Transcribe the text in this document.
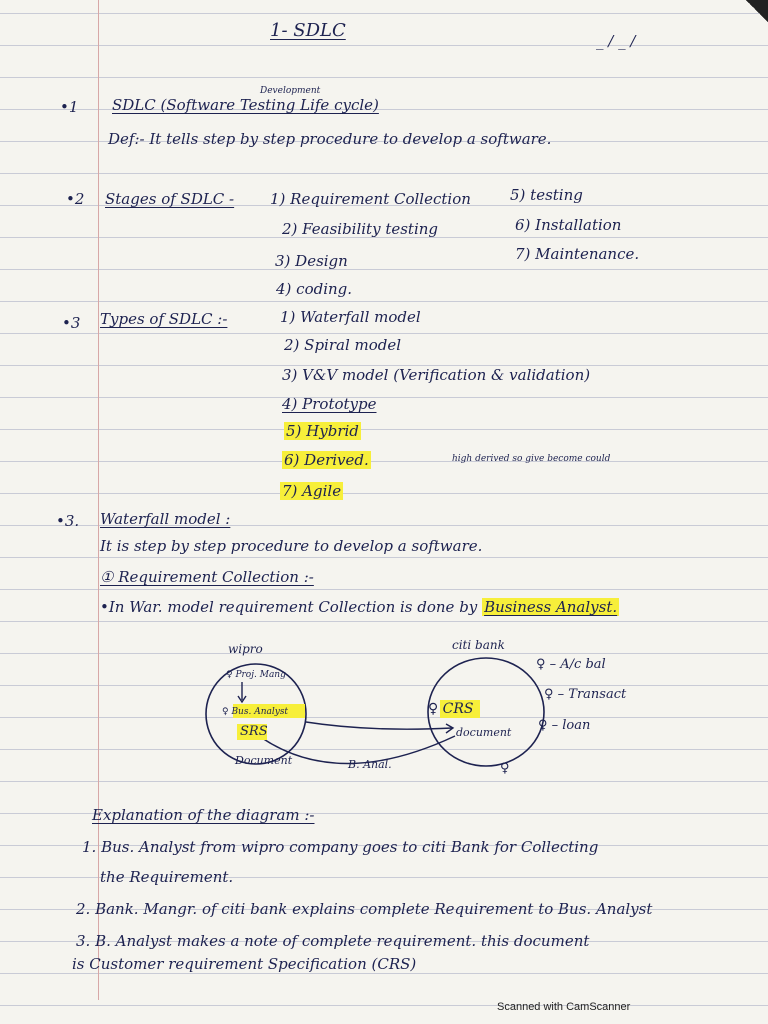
1- SDLC	_ / _ /
•1
Development
SDLC (Software Testing Life cycle)
Def:- It tells step by step procedure to develop a software.
•2 Stages of SDLC - 1) Requirement Collection
2) Feasibility testing
3) Design
4) coding.
5) testing
6) Installation
7) Maintenance.
•3 Types of SDLC :-	1) Waterfall model
2) Spiral model
3) V&V model (Verification & validation)
4) Prototype
5) Hybrid
6) Derived.	high derived so give become could
7) Agile
•3. Waterfall model :
It is step by step procedure to develop a software.
① Requirement Collection :-
•In War. model requirement Collection is done by Business Analyst.
wipro
♀ Proj. Mang
♀ Bus. Analyst
SRS
Document	B. Anal.
citi bank
♀ CRS
document
♀ – A/c bal
♀ – Transact
♀ – loan
♀
Explanation of the diagram :-
1. Bus. Analyst from wipro company goes to citi Bank for Collecting
the Requirement.
2. Bank. Mangr. of citi bank explains complete Requirement to Bus. Analyst
3. B. Analyst makes a note of complete requirement. this document
is Customer requirement Specification (CRS)
Scanned with CamScanner
